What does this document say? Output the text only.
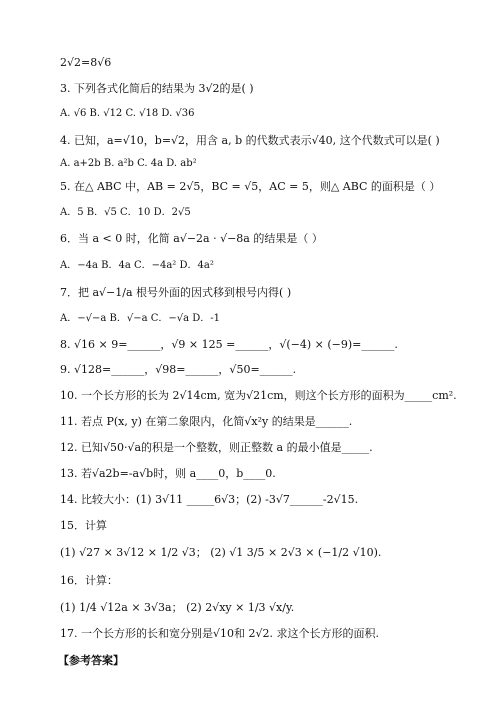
2√2=8√6
3. 下列各式化简后的结果为 3√2的是( )
A. √6 B. √12 C. √18 D. √36
4. 已知，a=√10，b=√2，用含 a, b 的代数式表示√40, 这个代数式可以是( )
A. a+2b B. a²b C. 4a D. ab²
5. 在△ ABC 中，AB = 2√5，BC = √5，AC = 5，则△ ABC 的面积是（ ）
A．5 B．√5 C．10 D．2√5
6．当 a < 0 时，化简 a√−2a · √−8a 的结果是（ ）
A．−4a B．4a C．−4a² D．4a²
7．把 a√−1/a 根号外面的因式移到根号内得( )
A．−√−a B．√−a C．−√a D．-1
8. √16 × 9=______，√9 × 125 =______，√(−4) × (−9)=______.
9. √128=______，√98=______，√50=______.
10. 一个长方形的长为 2√14cm, 宽为√21cm，则这个长方形的面积为_____cm².
11. 若点 P(x, y) 在第二象限内，化简√x²y 的结果是______.
12. 已知√50·√a的积是一个整数，则正整数 a 的最小值是_____.
13. 若√a2b=-a√b时，则 a____0，b____0.
14. 比较大小：(1) 3√11 _____6√3；(2) -3√7______-2√15.
15．计算
(1) √27 × 3√12 × 1/2 √3； (2) √1 3/5 × 2√3 × (−1/2 √10).
16．计算：
(1) 1/4 √12a × 3√3a； (2) 2√xy × 1/3 √x/y.
17. 一个长方形的长和宽分别是√10和 2√2. 求这个长方形的面积.
【参考答案】
